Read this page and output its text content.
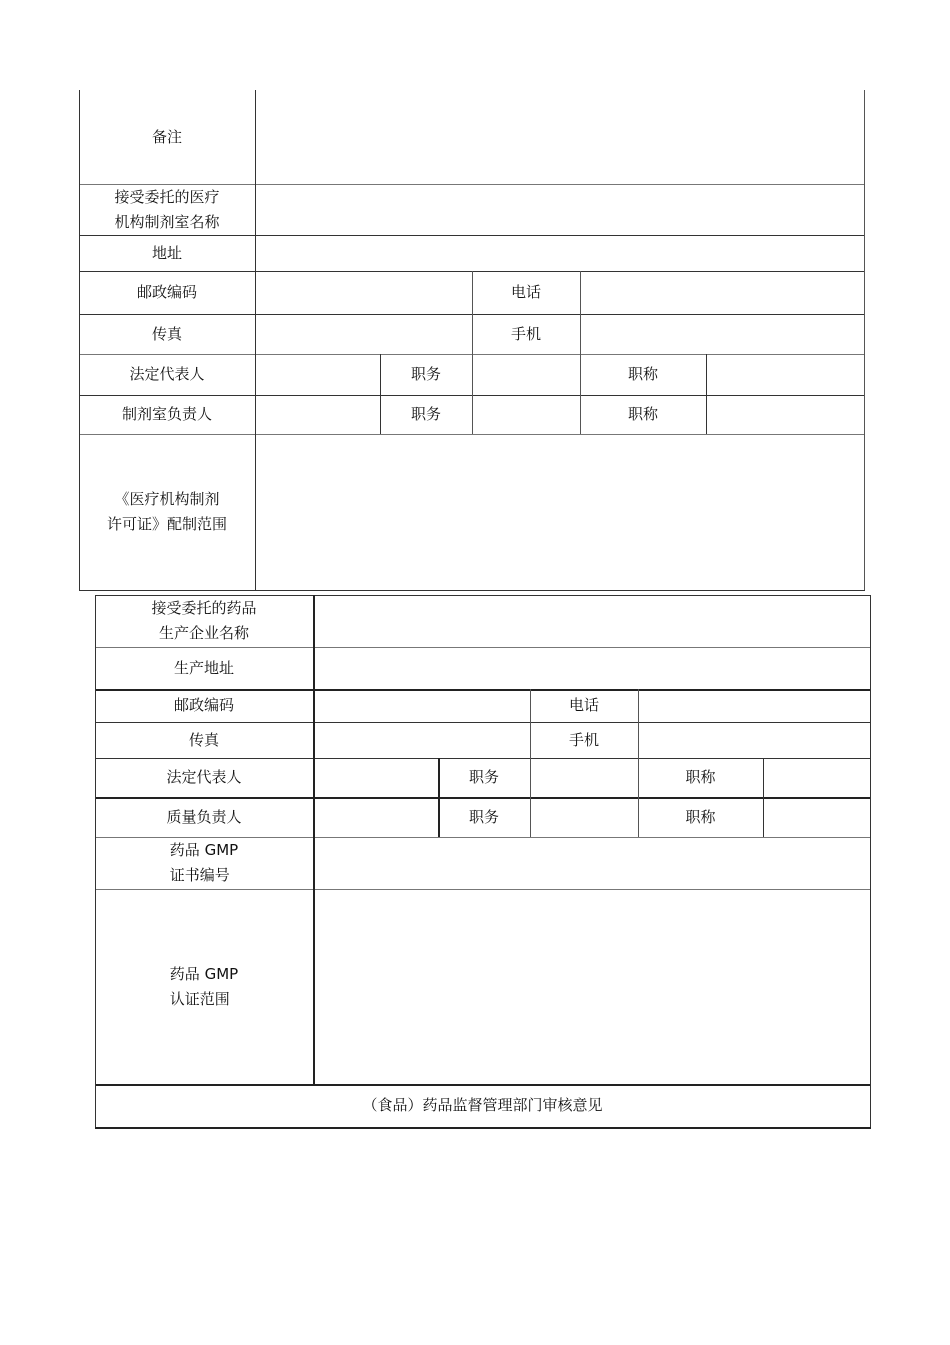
备注
接受委托的医疗
机构制剂室名称
地址
邮政编码	电话
传真	手机
法定代表人	职务	职称
制剂室负责人	职务	职称
《医疗机构制剂
许可证》配制范围
接受委托的药品
生产企业名称
生产地址
邮政编码	电话
传真	手机
法定代表人	职务	职称
质量负责人	职务	职称
药品 GMP
证书编号
药品 GMP
认证范围
（食品）药品监督管理部门审核意见
